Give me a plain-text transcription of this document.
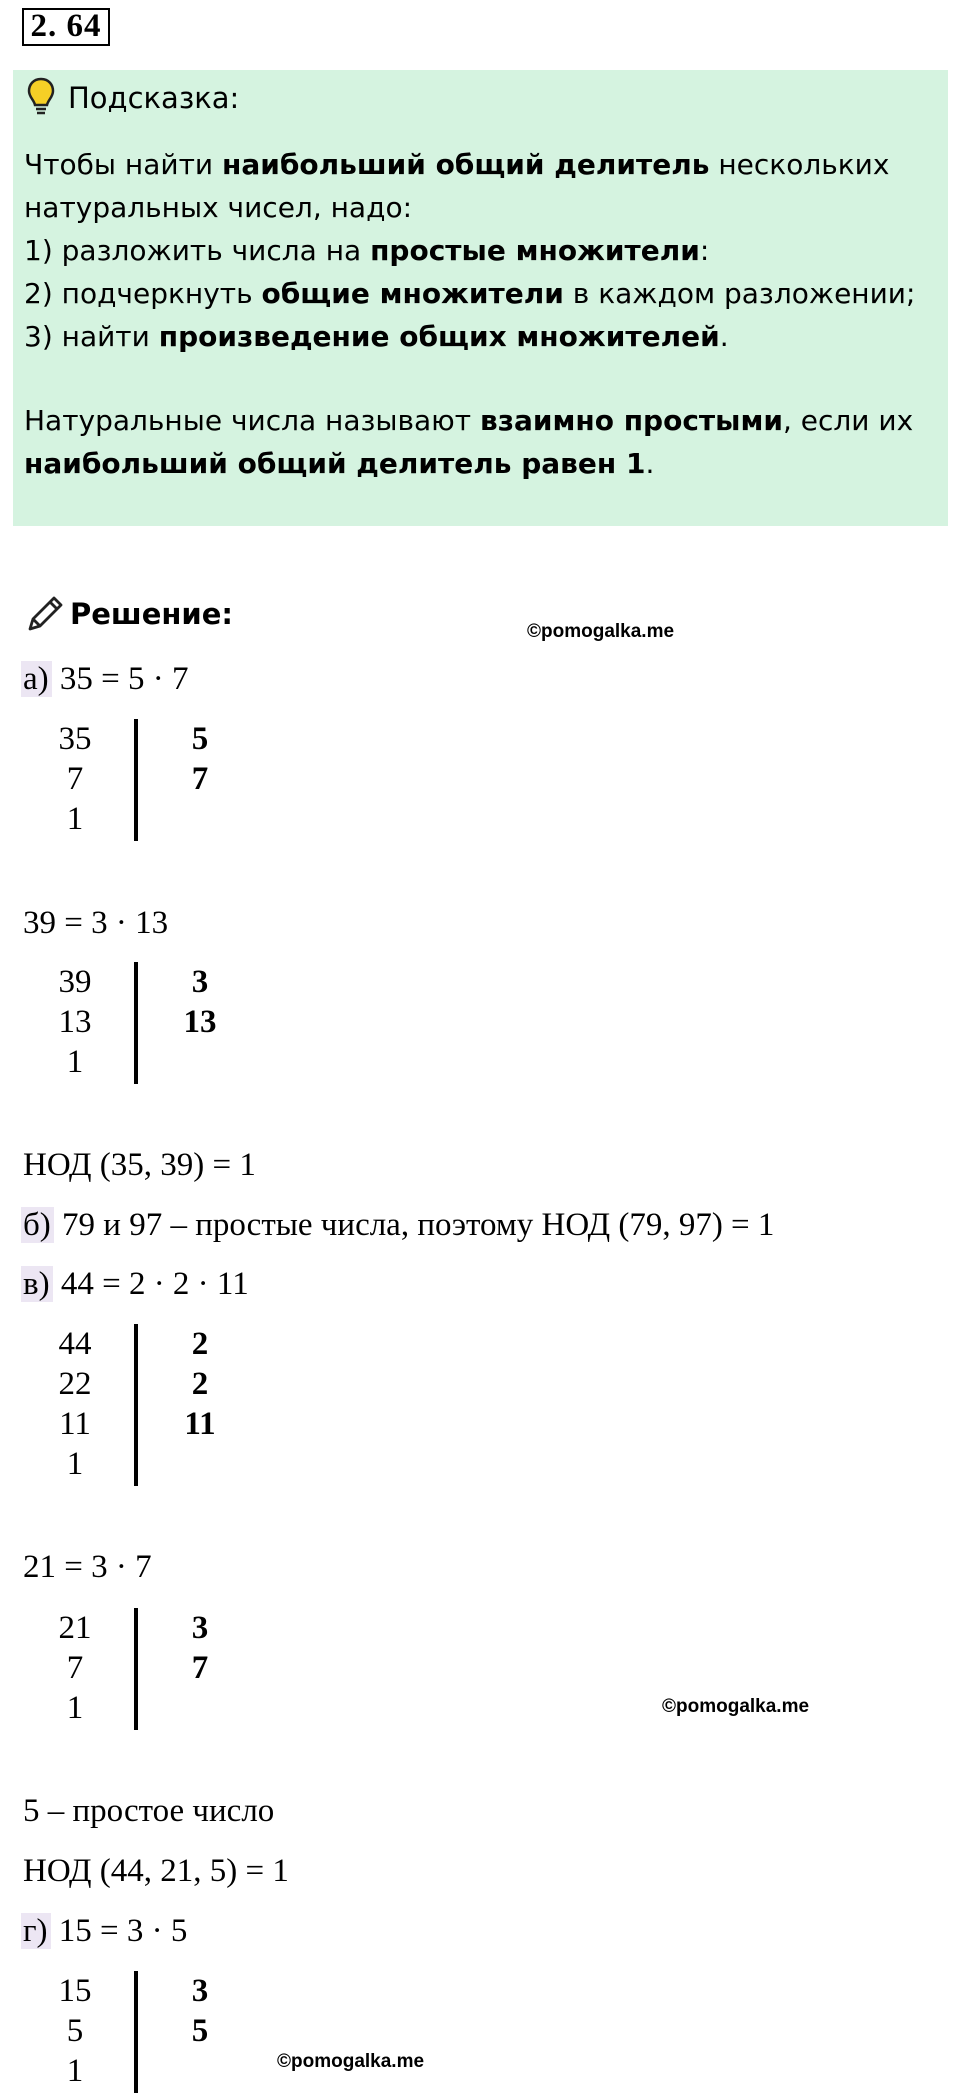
2. 64
Подсказка:

Чтобы найти наибольший общий делитель нескольких натуральных чисел, надо:

1) разложить числа на простые множители:

2) подчеркнуть общие множители в каждом разложении;

3) найти произведение общих множителей.

Натуральные числа называют взаимно простыми, если их наибольший общий делитель равен 1.

Решение:
©pomogalka.me
а) 35 = 5 · 7
35
7
1
5
7
39 = 3 · 13
39
13
1
3
13
НОД (35, 39) = 1
б) 79 и 97 – простые числа, поэтому НОД (79, 97) = 1
в) 44 = 2 · 2 · 11
44
22
11
1
2
2
11
21 = 3 · 7
21
7
1
3
7
©pomogalka.me
5 – простое число
НОД (44, 21, 5) = 1
г) 15 = 3 · 5
15
5
1
3
5
©pomogalka.me
